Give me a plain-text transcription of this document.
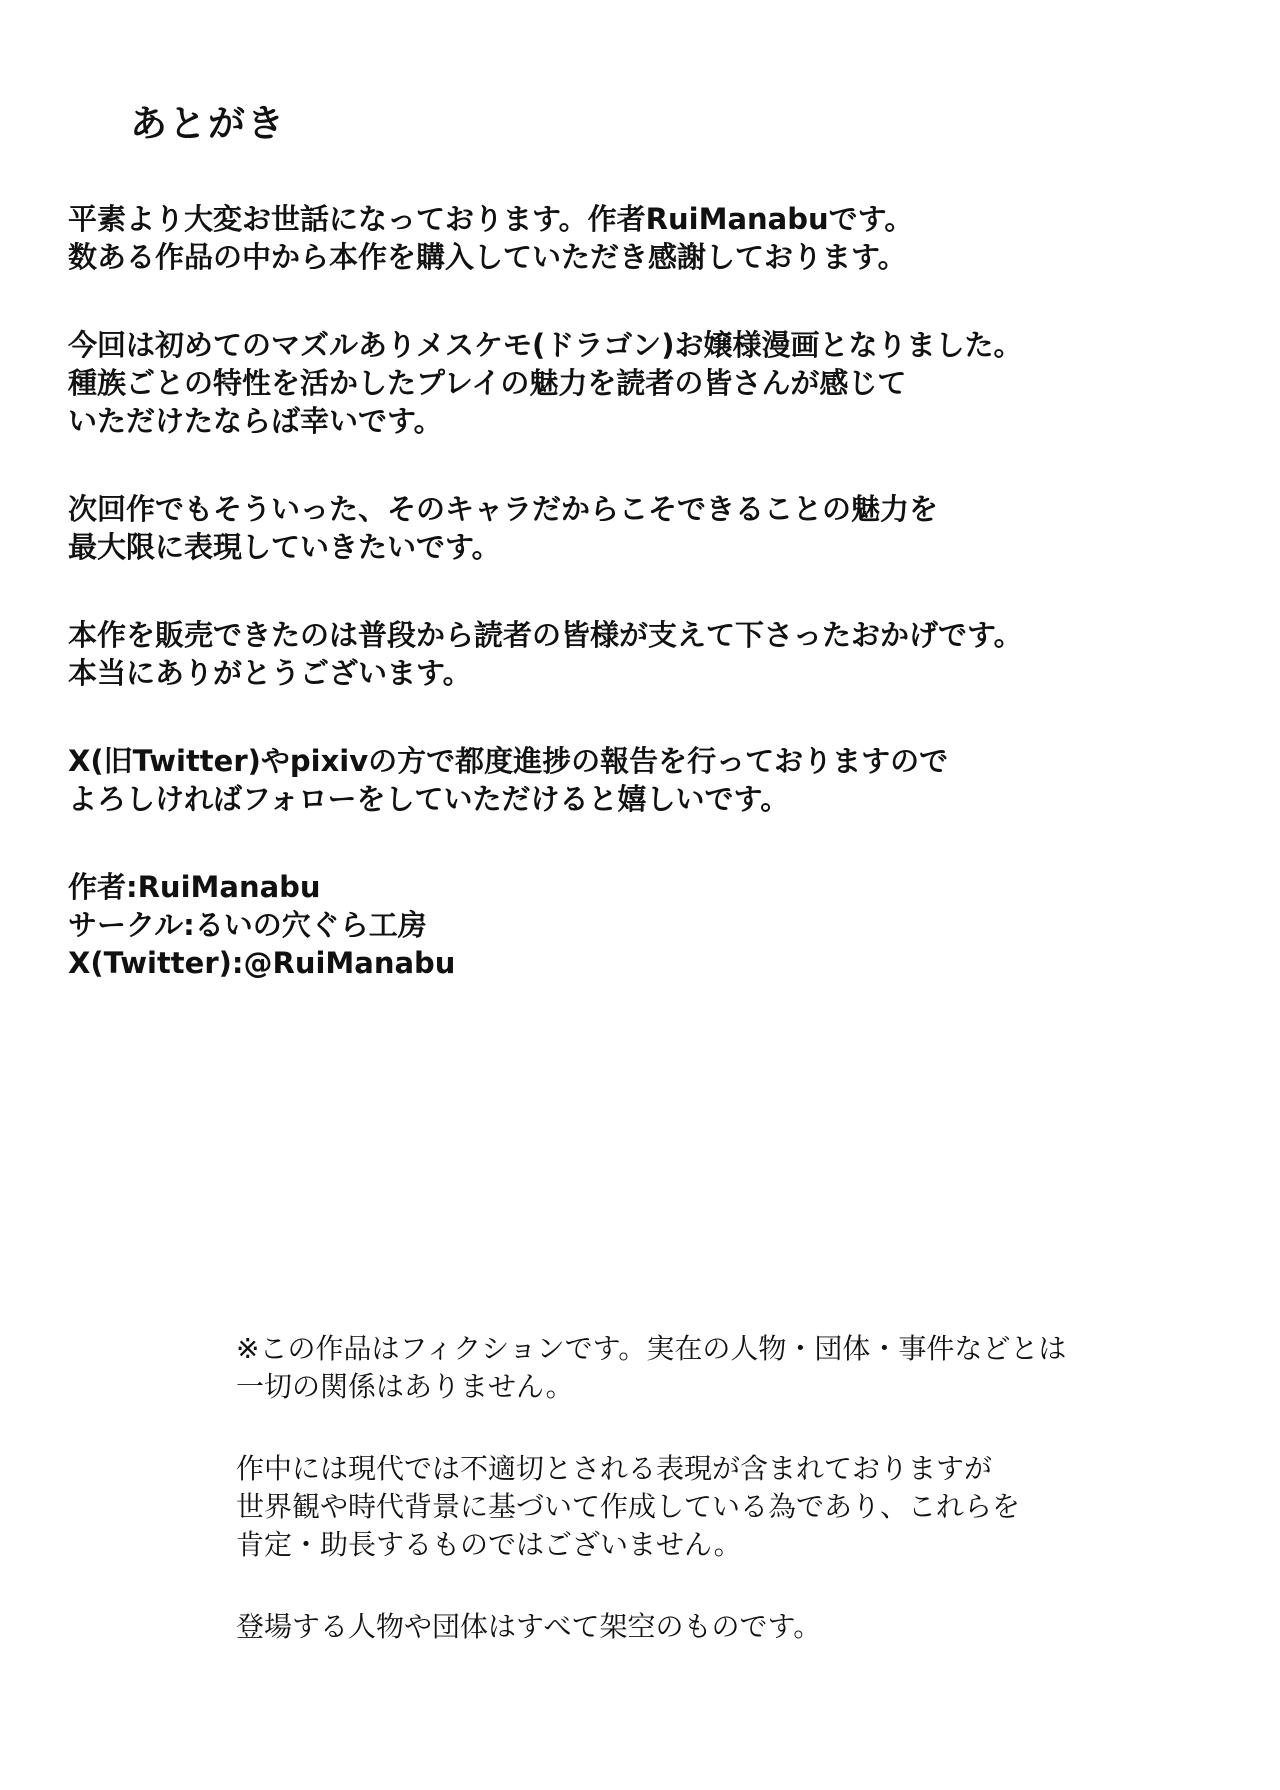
あとがき
平素より大変お世話になっております。作者RuiManabuです。
数ある作品の中から本作を購入していただき感謝しております。
今回は初めてのマズルありメスケモ(ドラゴン)お嬢様漫画となりました。
種族ごとの特性を活かしたプレイの魅力を読者の皆さんが感じて
いただけたならば幸いです。
次回作でもそういった、そのキャラだからこそできることの魅力を
最大限に表現していきたいです。
本作を販売できたのは普段から読者の皆様が支えて下さったおかげです。
本当にありがとうございます。
X(旧Twitter)やpixivの方で都度進捗の報告を行っておりますので
よろしければフォローをしていただけると嬉しいです。
作者:RuiManabu
サークル:るいの穴ぐら工房
X(Twitter):@RuiManabu
※この作品はフィクションです。実在の人物・団体・事件などとは
一切の関係はありません。
作中には現代では不適切とされる表現が含まれておりますが
世界観や時代背景に基づいて作成している為であり、これらを
肯定・助長するものではございません。
登場する人物や団体はすべて架空のものです。
